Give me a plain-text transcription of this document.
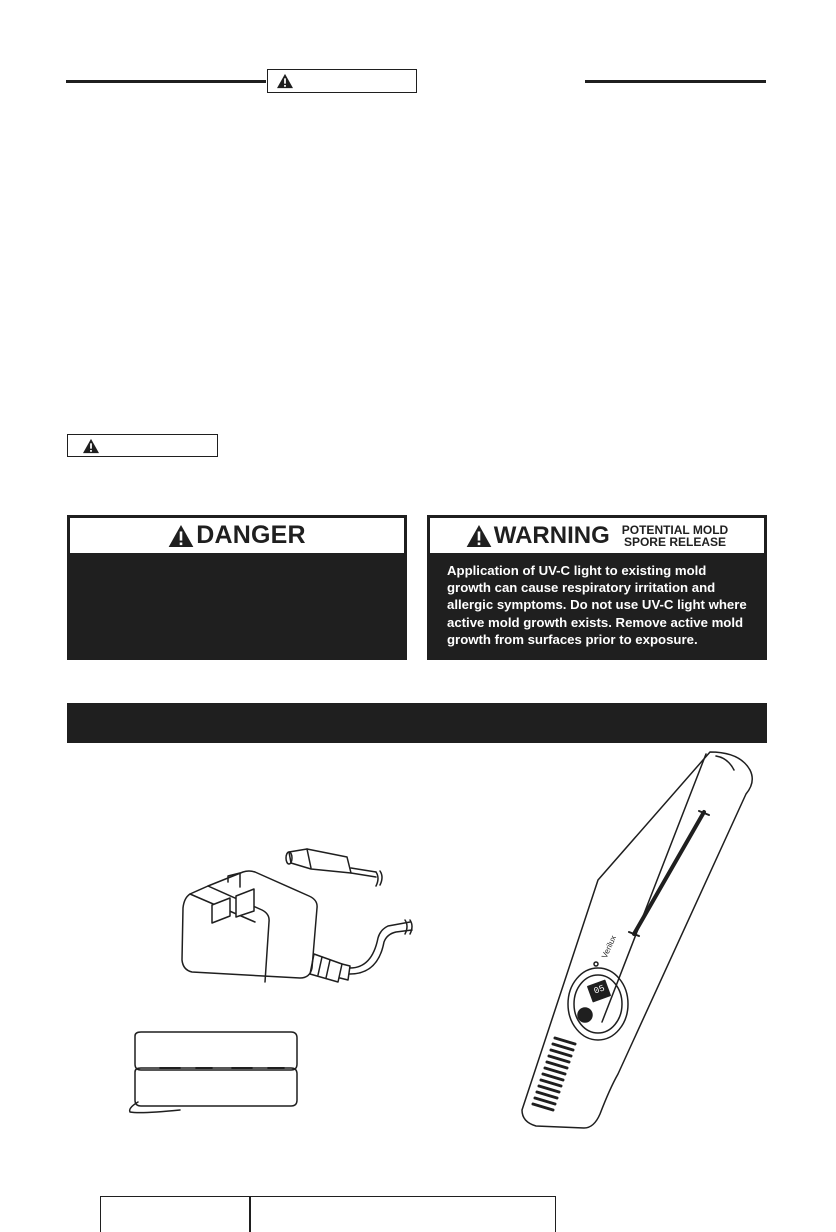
DANGER	WARNING POTENTIAL MOLD
SPORE RELEASE
Application of UV-C light to existing mold growth can cause respiratory irritation and allergic symptoms. Do not use UV-C light where active mold growth exists. Remove active mold growth from surfaces prior to exposure.
Verilux
05
